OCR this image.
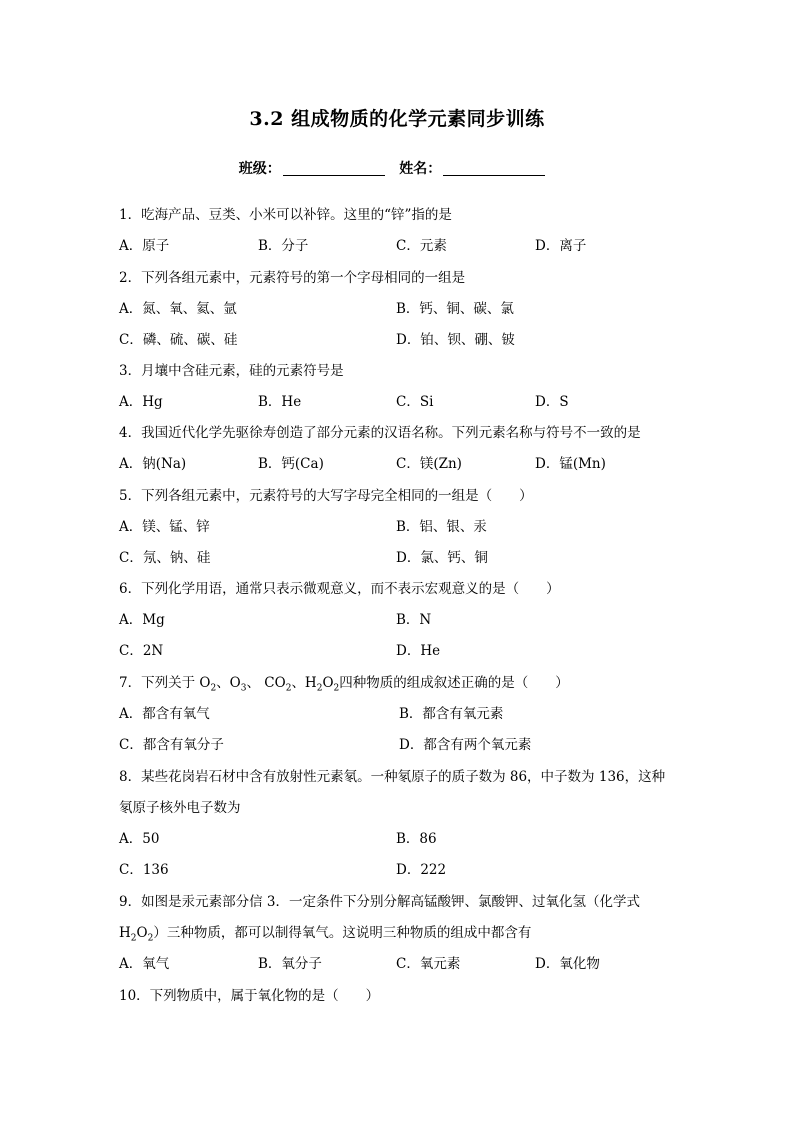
3.2 组成物质的化学元素同步训练
班级：	姓名：
1．吃海产品、豆类、小米可以补锌。这里的“锌”指的是
A．原子	B．分子	C．元素	D．离子
2．下列各组元素中，元素符号的第一个字母相同的一组是
A．氮、氧、氦、氩	B．钙、铜、碳、氯
C．磷、硫、碳、硅	D．铂、钡、硼、铍
3．月壤中含硅元素，硅的元素符号是
A．Hg	B．He	C．Si	D．S
4．我国近代化学先驱徐寿创造了部分元素的汉语名称。下列元素名称与符号不一致的是
A．钠(Na)	B．钙(Ca)	C．镁(Zn)	D．锰(Mn)
5．下列各组元素中，元素符号的大写字母完全相同的一组是（　　）
A．镁、锰、锌	B．铝、银、汞
C．氖、钠、硅	D．氯、钙、铜
6．下列化学用语，通常只表示微观意义，而不表示宏观意义的是（　　）
A．Mg	B．N
C．2N	D．He
7．下列关于 $O_2$、$O_3$、 $CO_2$、$H_2O_2$四种物质的组成叙述正确的是（　　）
A．都含有氧气	B．都含有氧元素
C．都含有氧分子	D．都含有两个氧元素
8．某些花岗岩石材中含有放射性元素氡。一种氡原子的质子数为 86，中子数为 136，这种
氡原子核外电子数为
A．50	B．86
C．136	D．222
9．如图是汞元素部分信 3．一定条件下分别分解高锰酸钾、氯酸钾、过氧化氢（化学式
$H_2O_2$）三种物质，都可以制得氧气。这说明三种物质的组成中都含有
A．氧气	B．氧分子	C．氧元素	D．氧化物
10．下列物质中，属于氧化物的是（　　）
